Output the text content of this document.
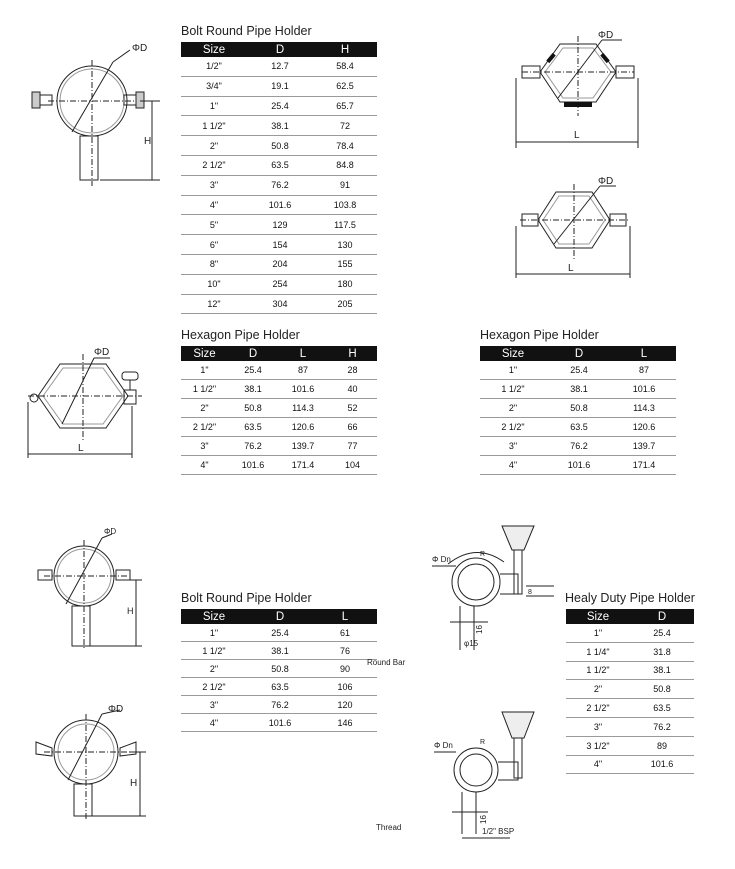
Bolt Round Pipe Holder
Size	D	H
1/2"	12.7	58.4
3/4"	19.1	62.5
1"	25.4	65.7
1 1/2"	38.1	72
2"	50.8	78.4
2 1/2"	63.5	84.8
3"	76.2	91
4"	101.6	103.8
5"	129	117.5
6"	154	130
8"	204	155
10"	254	180
12"	304	205
Hexagon Pipe Holder
Size	D	L	H
1"	25.4	87	28
1 1/2"	38.1	101.6	40
2"	50.8	114.3	52
2 1/2"	63.5	120.6	66
3"	76.2	139.7	77
4"	101.6	171.4	104
Hexagon Pipe Holder
Size	D	L
1"	25.4	87
1 1/2"	38.1	101.6
2"	50.8	114.3
2 1/2"	63.5	120.6
3"	76.2	139.7
4"	101.6	171.4
Bolt Round Pipe Holder
Size	D	L
1"	25.4	61
1 1/2"	38.1	76
2"	50.8	90
2 1/2"	63.5	106
3"	76.2	120
4"	101.6	146
Healy Duty Pipe Holder
Size	D
1"	25.4
1 1/4"	31.8
1 1/2"	38.1
2"	50.8
2 1/2"	63.5
3"	76.2
3 1/2"	89
4"	101.6
Round Bar
Thread
ΦD
H
ΦD
L
ΦD
L
ΦD
L
ΦD
H
ΦD
H
Φ Dn
φ15
16
8
R
Φ Dn
16
1/2" BSP
R
